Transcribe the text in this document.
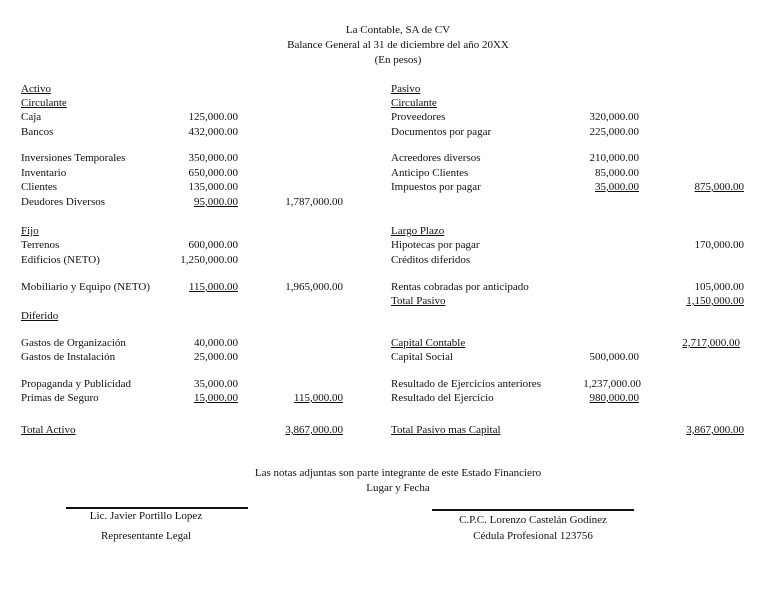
La Contable, SA de CV
Balance General al 31 de diciembre del año 20XX
(En pesos)
Activo
Circulante
Caja	125,000.00
Bancos	432,000.00
Inversiones Temporales	350,000.00
Inventario	650,000.00
Clientes	135,000.00
Deudores Diversos	95,000.00	1,787,000.00
Fijo
Terrenos	600,000.00
Edificios (NETO)	1,250,000.00
Mobiliario y Equipo (NETO)	115,000.00	1,965,000.00
Diferido
Gastos de Organización	40,000.00
Gastos de Instalación	25,000.00
Propaganda y Publicidad	35,000.00
Primas de Seguro	15,000.00	115,000.00
Total Activo	3,867,000.00
Pasivo
Circulante
Proveedores	320,000.00
Documentos por pagar	225,000.00
Acreedores diversos	210,000.00
Anticipo Clientes	85,000.00
Impuestos por pagar	35,000.00	875,000.00
Largo Plazo
Hipotecas por pagar	170,000.00
Créditos diferidos
Rentas cobradas por anticipado	105,000.00
Total Pasivo	1,150,000.00
Capital Contable	2,717,000.00
Capital Social	500,000.00
Resultado de Ejercicios anteriores	1,237,000.00
Resultado del Ejercicio	980,000.00
Total Pasivo mas Capital	3,867,000.00
Las notas adjuntas son parte integrante de este Estado Financiero
Lugar y Fecha
Lic. Javier Portillo Lopez
Representante Legal
C.P.C. Lorenzo Castelán Godínez
Cédula Profesional 123756
